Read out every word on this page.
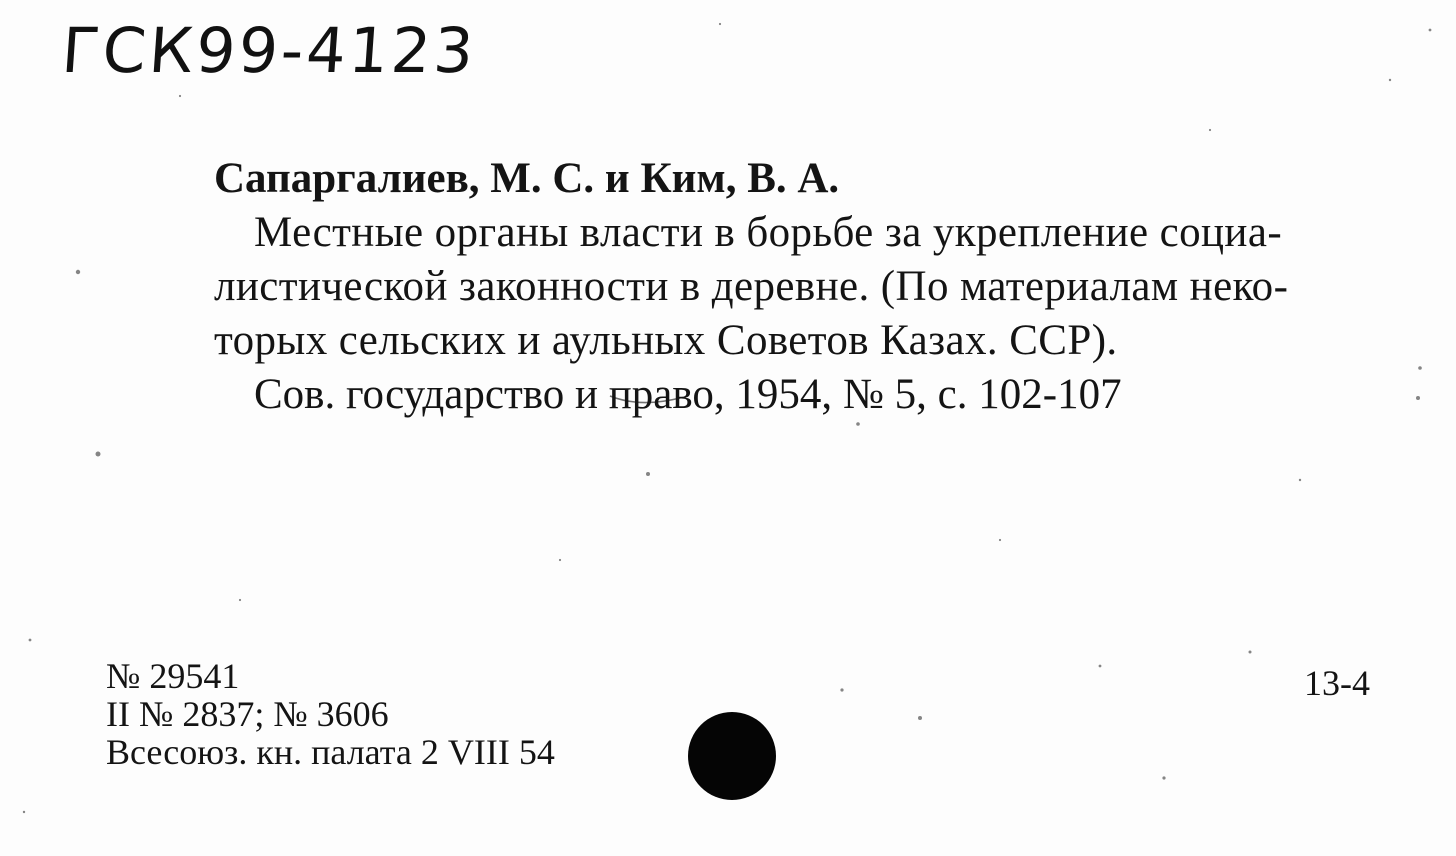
ГСК99-4123
Сапаргалиев, М. С. и Ким, В. А.
Местные органы власти в борьбе за укрепление социа-
листической законности в деревне. (По материалам неко-
торых сельских и аульных Советов Казах. ССР).
Сов. государство и право, 1954, № 5, с. 102-107
№ 29541
II № 2837; № 3606
Всесоюз. кн. палата 2 VIII 54
13-4
